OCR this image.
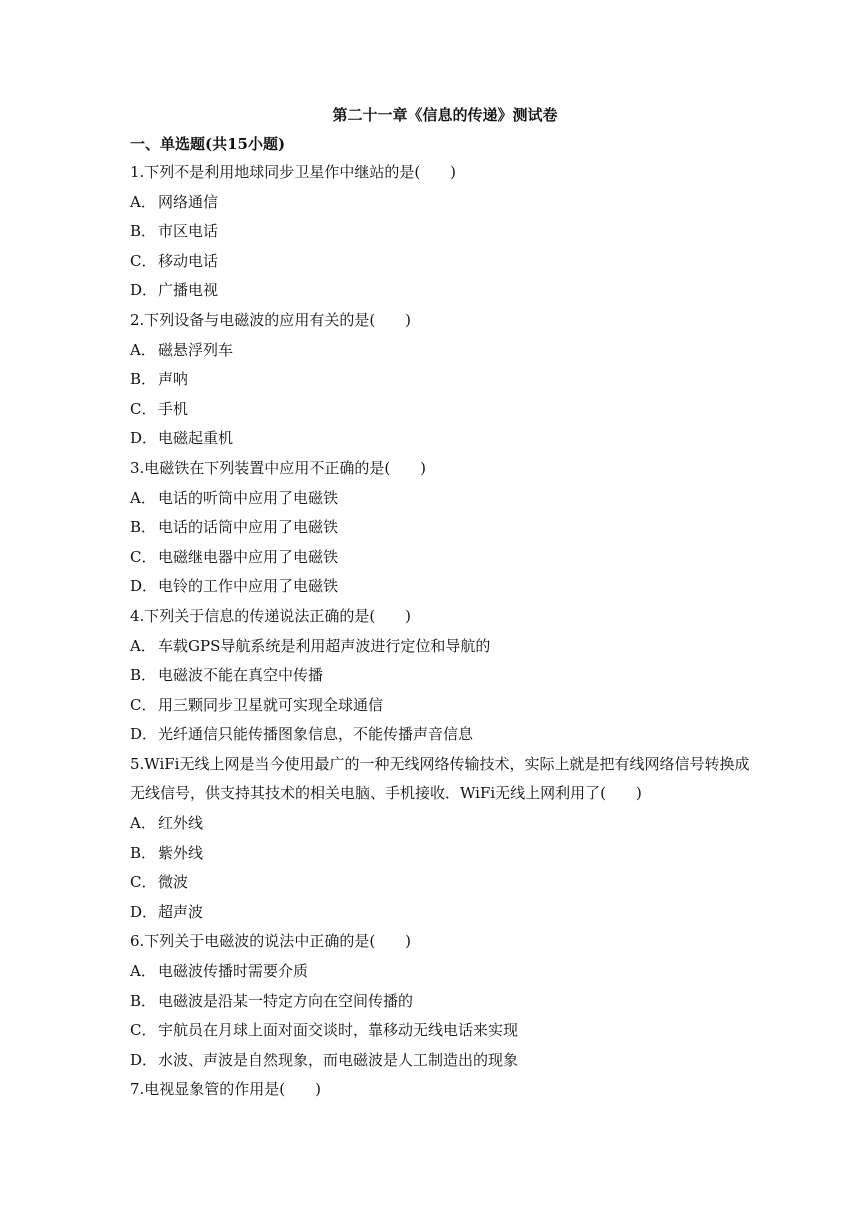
第二十一章《信息的传递》测试卷
一、单选题(共15小题)
1.下列不是利用地球同步卫星作中继站的是(　　)
A． 网络通信
B． 市区电话
C． 移动电话
D．广播电视
2.下列设备与电磁波的应用有关的是(　　)
A． 磁悬浮列车
B． 声呐
C． 手机
D．电磁起重机
3.电磁铁在下列装置中应用不正确的是(　　)
A． 电话的听筒中应用了电磁铁
B． 电话的话筒中应用了电磁铁
C． 电磁继电器中应用了电磁铁
D．电铃的工作中应用了电磁铁
4.下列关于信息的传递说法正确的是(　　)
A． 车载GPS导航系统是利用超声波进行定位和导航的
B． 电磁波不能在真空中传播
C． 用三颗同步卫星就可实现全球通信
D．光纤通信只能传播图象信息，不能传播声音信息
5.WiFi无线上网是当今使用最广的一种无线网络传输技术，实际上就是把有线网络信号转换成无线信号，供支持其技术的相关电脑、手机接收．WiFi无线上网利用了(　　)
A． 红外线
B． 紫外线
C． 微波
D．超声波
6.下列关于电磁波的说法中正确的是(　　)
A． 电磁波传播时需要介质
B． 电磁波是沿某一特定方向在空间传播的
C． 宇航员在月球上面对面交谈时，靠移动无线电话来实现
D．水波、声波是自然现象，而电磁波是人工制造出的现象
7.电视显象管的作用是(　　)
